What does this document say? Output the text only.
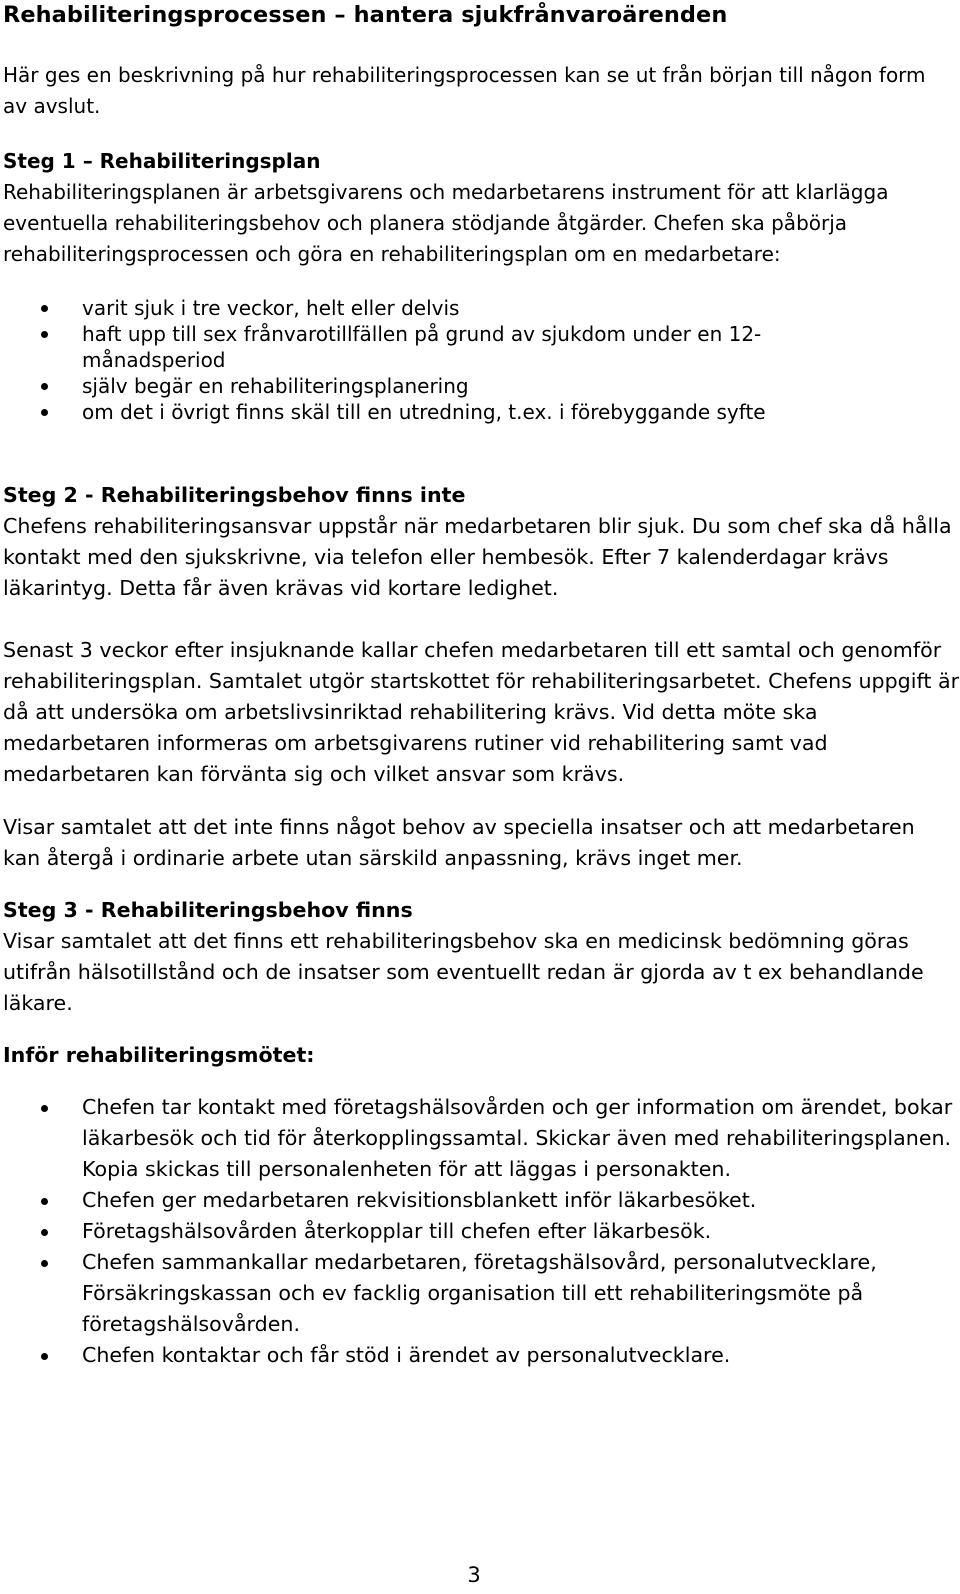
Rehabiliteringsprocessen – hantera sjukfrånvaroärenden

Här ges en beskrivning på hur rehabiliteringsprocessen kan se ut från början till någon form av avslut.

Steg 1 – Rehabiliteringsplan

Rehabiliteringsplanen är arbetsgivarens och medarbetarens instrument för att klarlägga eventuella rehabiliteringsbehov och planera stödjande åtgärder. Chefen ska påbörja rehabiliteringsprocessen och göra en rehabiliteringsplan om en medarbetare:

varit sjuk i tre veckor, helt eller delvis
haft upp till sex frånvarotillfällen på grund av sjukdom under en 12-månadsperiod
själv begär en rehabiliteringsplanering
om det i övrigt finns skäl till en utredning, t.ex. i förebyggande syfte

Steg 2 - Rehabiliteringsbehov finns inte

Chefens rehabiliteringsansvar uppstår när medarbetaren blir sjuk. Du som chef ska då hålla kontakt med den sjukskrivne, via telefon eller hembesök. Efter 7 kalenderdagar krävs läkarintyg. Detta får även krävas vid kortare ledighet.

Senast 3 veckor efter insjuknande kallar chefen medarbetaren till ett samtal och genomför rehabiliteringsplan. Samtalet utgör startskottet för rehabiliteringsarbetet. Chefens uppgift är då att undersöka om arbetslivsinriktad rehabilitering krävs. Vid detta möte ska medarbetaren informeras om arbetsgivarens rutiner vid rehabilitering samt vad medarbetaren kan förvänta sig och vilket ansvar som krävs.

Visar samtalet att det inte finns något behov av speciella insatser och att medarbetaren kan återgå i ordinarie arbete utan särskild anpassning, krävs inget mer.

Steg 3 - Rehabiliteringsbehov finns

Visar samtalet att det finns ett rehabiliteringsbehov ska en medicinsk bedömning göras utifrån hälsotillstånd och de insatser som eventuellt redan är gjorda av t ex behandlande läkare.

Inför rehabiliteringsmötet:

Chefen tar kontakt med företagshälsovården och ger information om ärendet, bokar läkarbesök och tid för återkopplingssamtal. Skickar även med rehabiliteringsplanen. Kopia skickas till personalenheten för att läggas i personakten.
Chefen ger medarbetaren rekvisitionsblankett inför läkarbesöket.
Företagshälsovården återkopplar till chefen efter läkarbesök.
Chefen sammankallar medarbetaren, företagshälsovård, personalutvecklare, Försäkringskassan och ev facklig organisation till ett rehabiliteringsmöte på företagshälsovården.
Chefen kontaktar och får stöd i ärendet av personalutvecklare.
3
